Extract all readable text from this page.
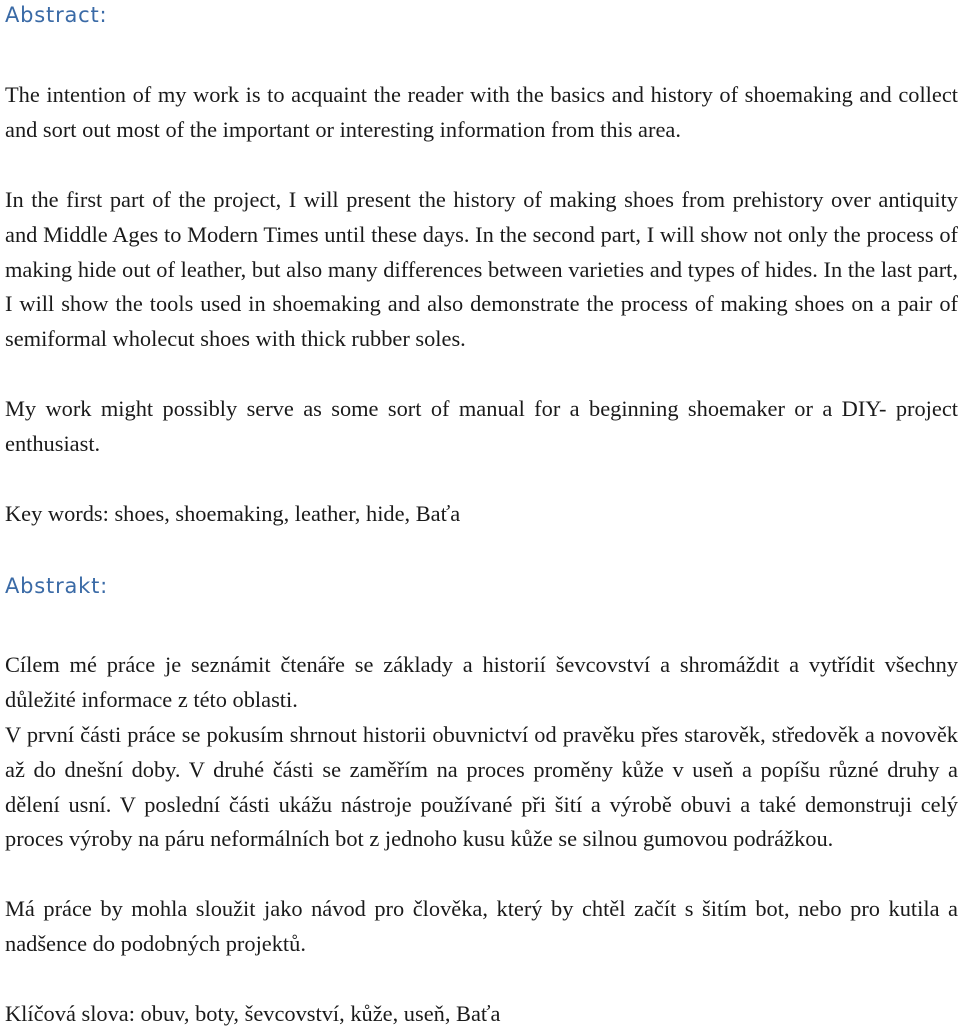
Abstract:

The intention of my work is to acquaint the reader with the basics and history of shoemaking and collect and sort out most of the important or interesting information from this area.

In the first part of the project, I will present the history of making shoes from prehistory over antiquity and Middle Ages to Modern Times until these days. In the second part, I will show not only the process of making hide out of leather, but also many differences between varieties and types of hides. In the last part, I will show the tools used in shoemaking and also demonstrate the process of making shoes on a pair of semiformal wholecut shoes with thick rubber soles.

My work might possibly serve as some sort of manual for a beginning shoemaker or a DIY- project enthusiast.

Key words: shoes, shoemaking, leather, hide, Baťa
Abstrakt:

Cílem mé práce je seznámit čtenáře se základy a historií ševcovství a shromáždit a vytřídit všechny důležité informace z této oblasti.

V první části práce se pokusím shrnout historii obuvnictví od pravěku přes starověk, středověk a novověk až do dnešní doby. V druhé části se zaměřím na proces proměny kůže v useň a popíšu různé druhy a dělení usní. V poslední části ukážu nástroje používané při šití a výrobě obuvi a také demonstruji celý proces výroby na páru neformálních bot z jednoho kusu kůže se silnou gumovou podrážkou.

Má práce by mohla sloužit jako návod pro člověka, který by chtěl začít s šitím bot, nebo pro kutila a nadšence do podobných projektů.

Klíčová slova: obuv, boty, ševcovství, kůže, useň, Baťa
